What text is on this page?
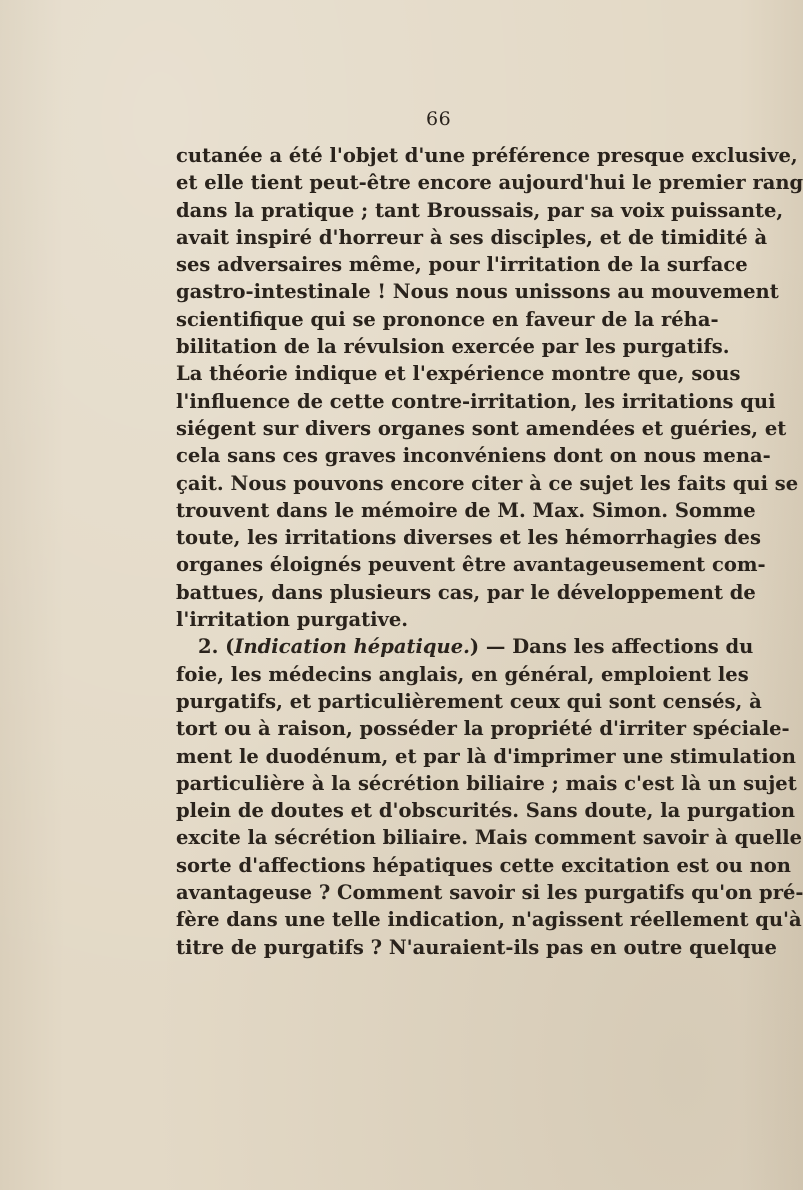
66
cutanée a été l'objet d'une préférence presque exclusive,
et elle tient peut-être encore aujourd'hui le premier rang
dans la pratique ; tant Broussais, par sa voix puissante,
avait inspiré d'horreur à ses disciples, et de timidité à
ses adversaires même, pour l'irritation de la surface
gastro-intestinale ! Nous nous unissons au mouvement
scientifique qui se prononce en faveur de la réha-
bilitation de la révulsion exercée par les purgatifs.
La théorie indique et l'expérience montre que, sous
l'influence de cette contre-irritation, les irritations qui
siégent sur divers organes sont amendées et guéries, et
cela sans ces graves inconvéniens dont on nous mena-
çait. Nous pouvons encore citer à ce sujet les faits qui se
trouvent dans le mémoire de M. Max. Simon. Somme
toute, les irritations diverses et les hémorrhagies des
organes éloignés peuvent être avantageusement com-
battues, dans plusieurs cas, par le développement de
l'irritation purgative.
2. (Indication hépatique.) — Dans les affections du
foie, les médecins anglais, en général, emploient les
purgatifs, et particulièrement ceux qui sont censés, à
tort ou à raison, posséder la propriété d'irriter spéciale-
ment le duodénum, et par là d'imprimer une stimulation
particulière à la sécrétion biliaire ; mais c'est là un sujet
plein de doutes et d'obscurités. Sans doute, la purgation
excite la sécrétion biliaire. Mais comment savoir à quelle
sorte d'affections hépatiques cette excitation est ou non
avantageuse ? Comment savoir si les purgatifs qu'on pré-
fère dans une telle indication, n'agissent réellement qu'à
titre de purgatifs ? N'auraient-ils pas en outre quelque
